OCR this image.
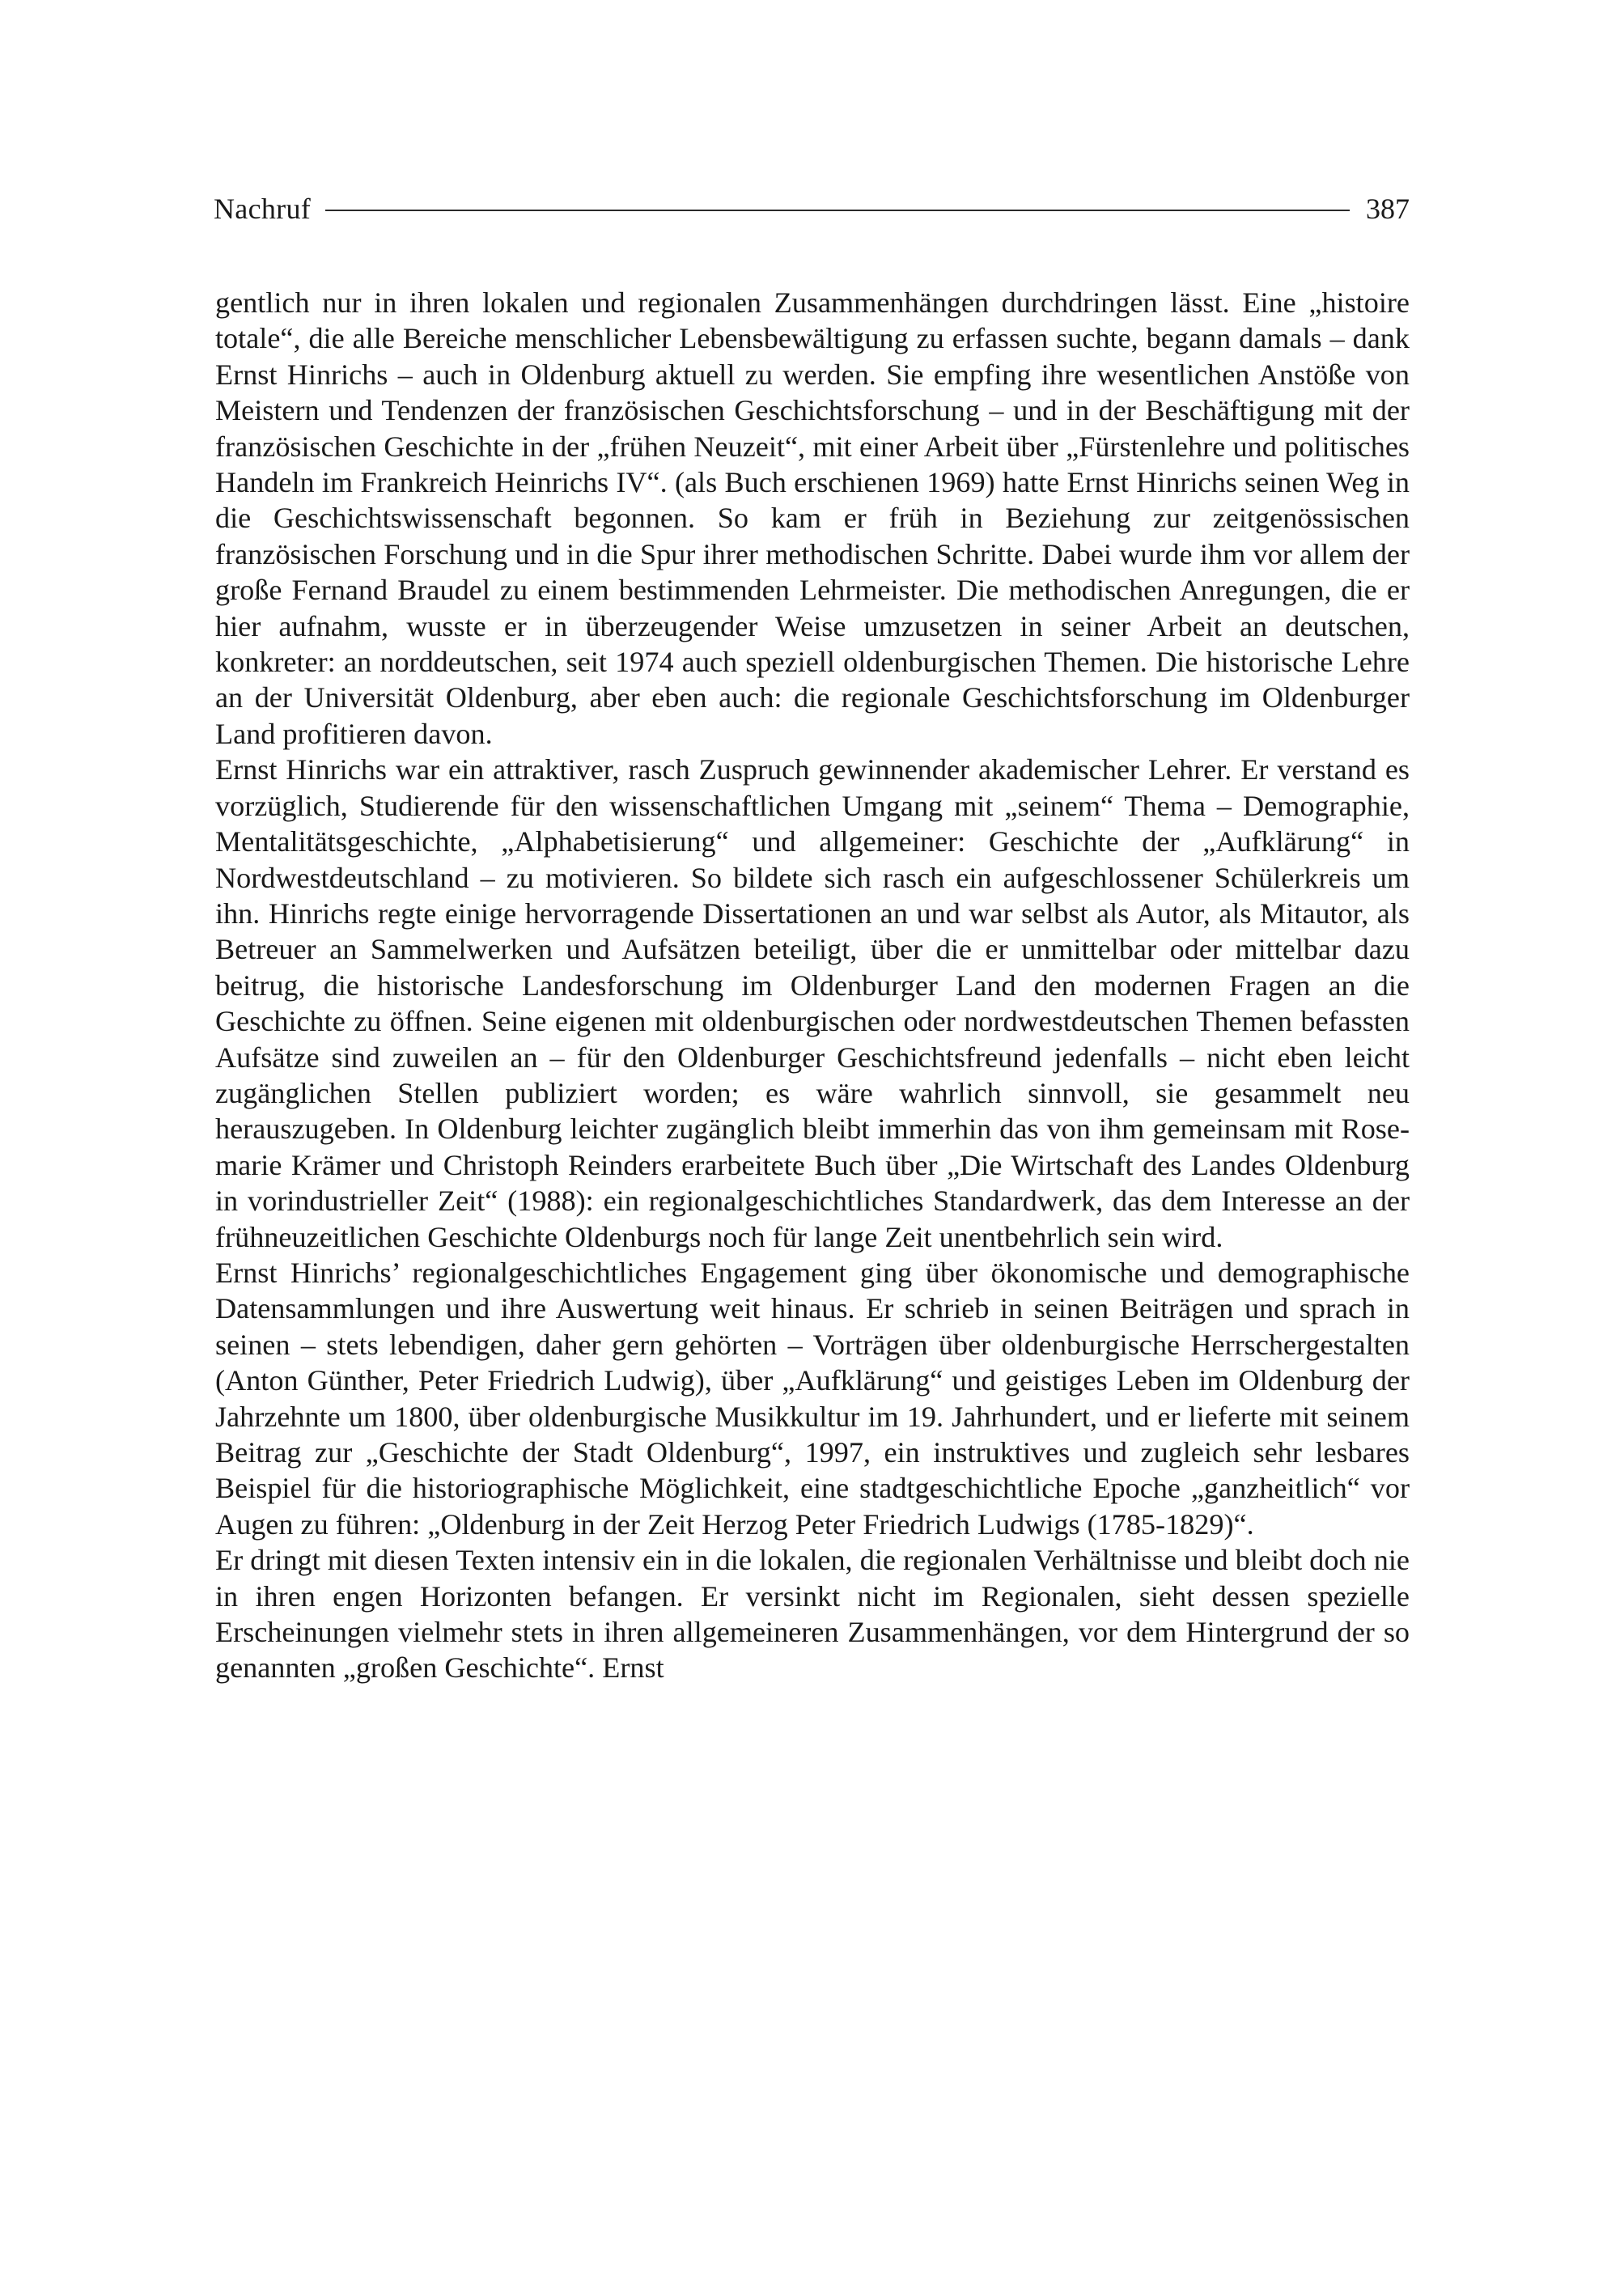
Nachruf	387

gentlich nur in ihren lokalen und regionalen Zusammenhängen durchdringen lässt. Eine „histoire totale“, die alle Bereiche menschlicher Lebensbewältigung zu erfassen suchte, begann damals – dank Ernst Hinrichs – auch in Oldenburg aktuell zu werden. Sie empfing ihre wesentlichen Anstöße von Meistern und Tendenzen der französischen Geschichtsforschung – und in der Beschäftigung mit der französischen Geschichte in der „frühen Neuzeit“, mit einer Arbeit über „Fürstenlehre und politisches Handeln im Frankreich Heinrichs IV“. (als Buch erschienen 1969) hatte Ernst Hinrichs seinen Weg in die Geschichtswissenschaft begonnen. So kam er früh in Beziehung zur zeitgenössischen französischen Forschung und in die Spur ihrer methodischen Schritte. Dabei wurde ihm vor allem der große Fernand Braudel zu einem bestimmenden Lehrmeister. Die methodischen Anregungen, die er hier aufnahm, wusste er in überzeugender Weise umzusetzen in seiner Arbeit an deutschen, konkreter: an norddeutschen, seit 1974 auch speziell oldenburgischen Themen. Die historische Lehre an der Universität Oldenburg, aber eben auch: die regionale Geschichtsforschung im Oldenburger Land profitieren davon.

Ernst Hinrichs war ein attraktiver, rasch Zuspruch gewinnender akademischer Lehrer. Er verstand es vorzüglich, Studierende für den wissenschaftlichen Umgang mit „seinem“ Thema – Demographie, Mentalitätsgeschichte, „Alphabetisierung“ und allgemeiner: Geschichte der „Aufklärung“ in Nordwestdeutschland – zu motivieren. So bildete sich rasch ein aufgeschlossener Schülerkreis um ihn. Hinrichs regte einige hervorragende Dissertationen an und war selbst als Autor, als Mitautor, als Betreuer an Sammelwerken und Aufsätzen beteiligt, über die er unmittelbar oder mittelbar dazu beitrug, die historische Landesforschung im Oldenburger Land den modernen Fragen an die Geschichte zu öffnen. Seine eigenen mit oldenburgischen oder nordwestdeutschen Themen befassten Aufsätze sind zuweilen an – für den Oldenburger Geschichtsfreund jedenfalls – nicht eben leicht zugänglichen Stellen publiziert worden; es wäre wahrlich sinnvoll, sie gesammelt neu herauszugeben. In Oldenburg leichter zugänglich bleibt immerhin das von ihm gemeinsam mit Rosemarie Krämer und Christoph Reinders erarbeitete Buch über „Die Wirtschaft des Landes Oldenburg in vorindustrieller Zeit“ (1988): ein regionalgeschichtliches Standardwerk, das dem Interesse an der frühneuzeitlichen Geschichte Oldenburgs noch für lange Zeit unentbehrlich sein wird.

Ernst Hinrichs’ regionalgeschichtliches Engagement ging über ökonomische und demographische Datensammlungen und ihre Auswertung weit hinaus. Er schrieb in seinen Beiträgen und sprach in seinen – stets lebendigen, daher gern gehörten – Vorträgen über oldenburgische Herrschergestalten (Anton Günther, Peter Friedrich Ludwig), über „Aufklärung“ und geistiges Leben im Oldenburg der Jahrzehnte um 1800, über oldenburgische Musikkultur im 19. Jahrhundert, und er lieferte mit seinem Beitrag zur „Geschichte der Stadt Oldenburg“, 1997, ein instruktives und zugleich sehr lesbares Beispiel für die historiographische Möglichkeit, eine stadtgeschichtliche Epoche „ganzheitlich“ vor Augen zu führen: „Oldenburg in der Zeit Herzog Peter Friedrich Ludwigs (1785-1829)“.

Er dringt mit diesen Texten intensiv ein in die lokalen, die regionalen Verhältnisse und bleibt doch nie in ihren engen Horizonten befangen. Er versinkt nicht im Regionalen, sieht dessen spezielle Erscheinungen vielmehr stets in ihren allgemeineren Zusammenhängen, vor dem Hintergrund der so genannten „großen Geschichte“. Ernst
